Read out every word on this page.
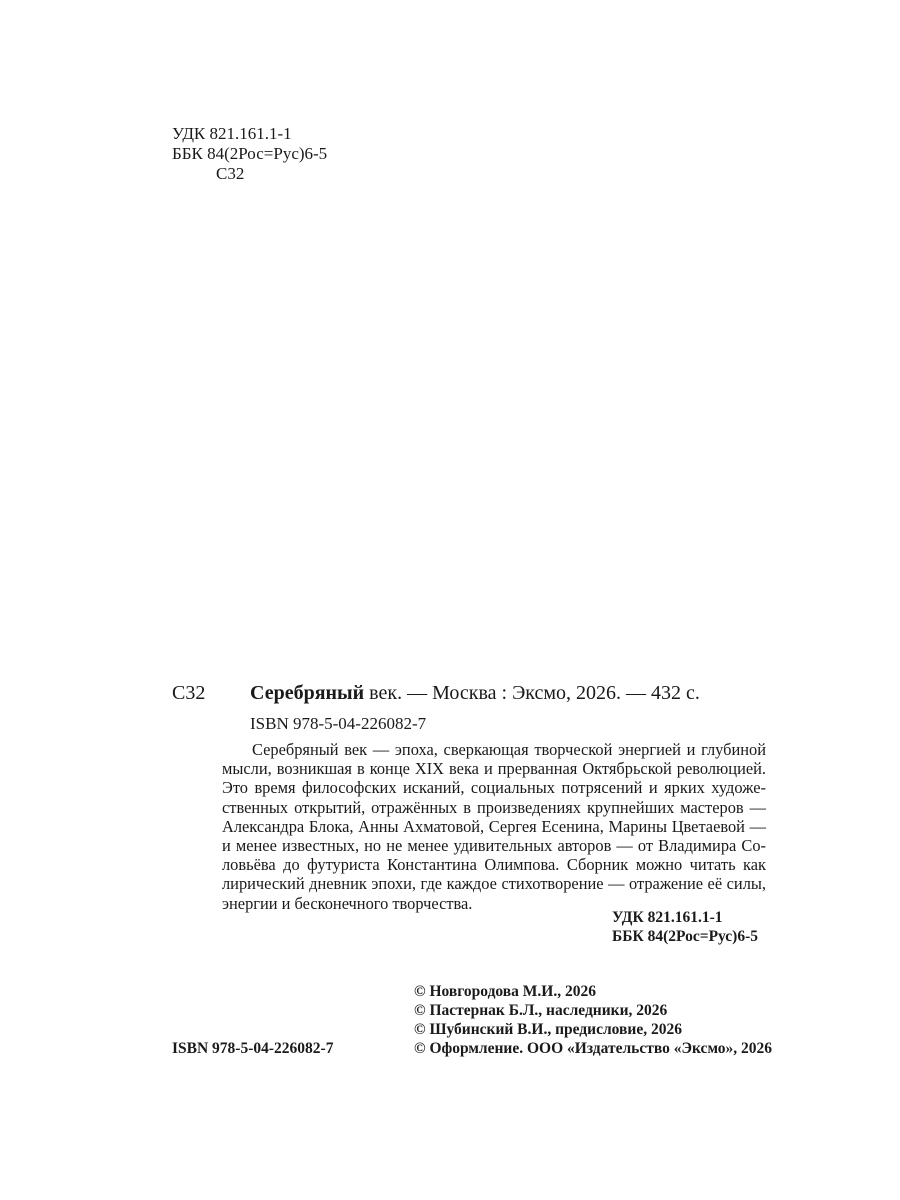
УДК 821.161.1-1
ББК 84(2Рос=Рус)6-5
С32
С32 Серебряный век. — Москва : Эксмо, 2026. — 432 с.
ISBN 978-5-04-226082-7
Серебряный век — эпоха, сверкающая творческой энергией и глубиной мысли, возникшая в конце XIX века и прерванная Октябрьской революцией. Это время философских исканий, социальных потрясений и ярких художественных открытий, отражённых в произведениях крупнейших мастеров — Александра Блока, Анны Ахматовой, Сергея Есенина, Марины Цветаевой — и менее известных, но не менее удивительных авторов — от Владимира Соловьёва до футуриста Константина Олимпова. Сборник можно читать как лирический дневник эпохи, где каждое стихотворение — отражение её силы, энергии и бесконечного творчества.
УДК 821.161.1-1
ББК 84(2Рос=Рус)6-5
© Новгородова М.И., 2026
© Пастернак Б.Л., наследники, 2026
© Шубинский В.И., предисловие, 2026
© Оформление. ООО «Издательство «Эксмо», 2026
ISBN 978-5-04-226082-7
